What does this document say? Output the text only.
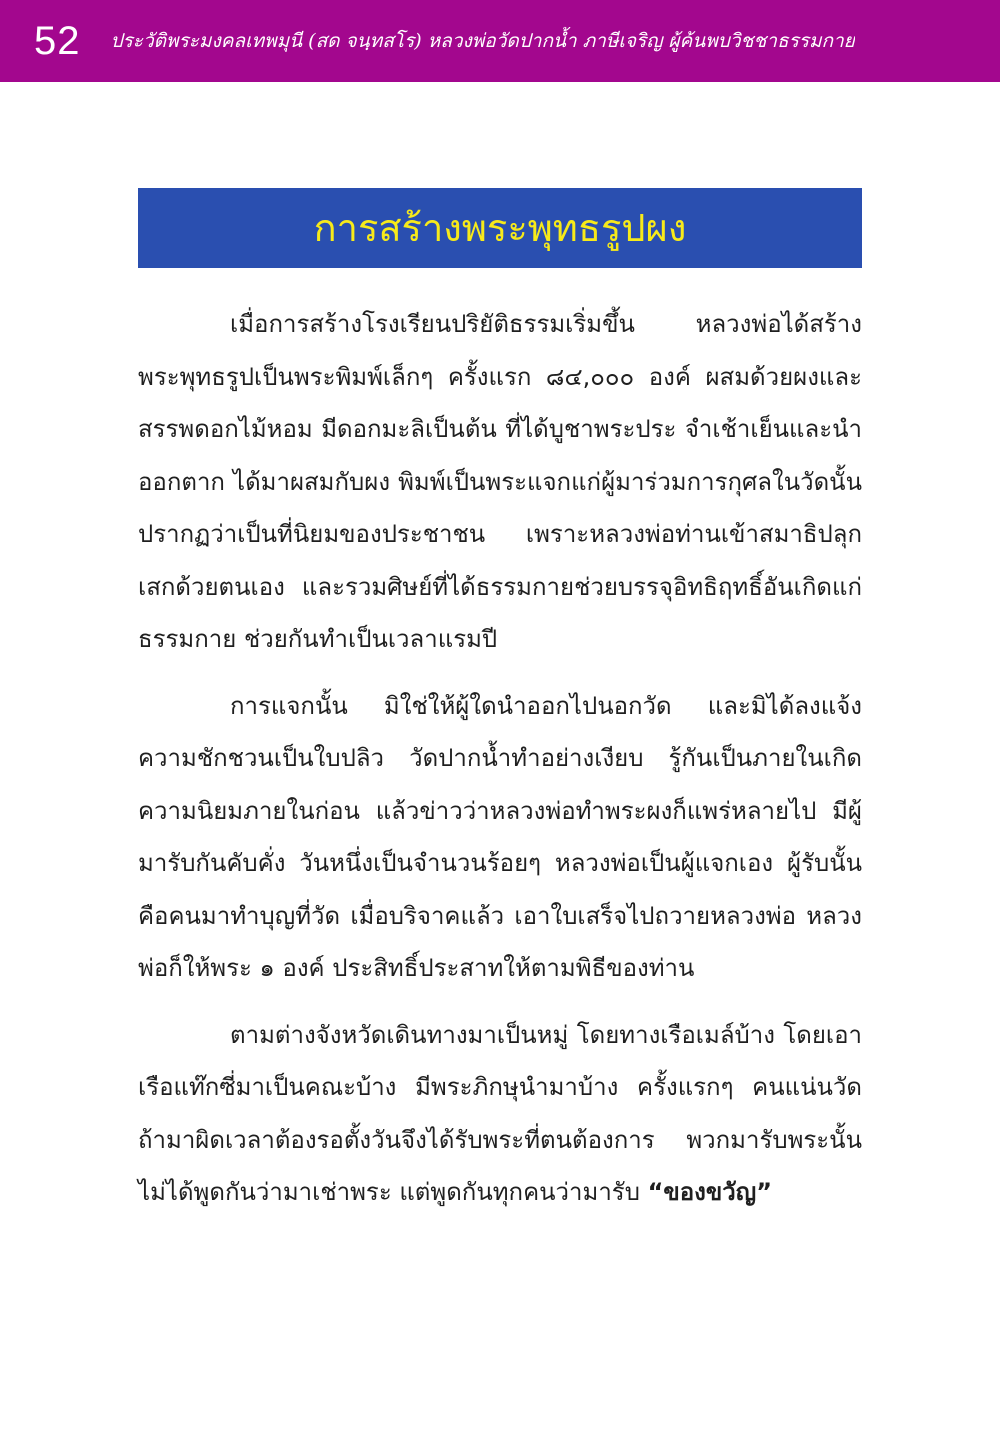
52 ประวัติพระมงคลเทพมุนี (สด จนฺทสโร) หลวงพ่อวัดปากน้ำ ภาษีเจริญ ผู้ค้นพบวิชชาธรรมกาย
การสร้างพระพุทธรูปผง

เมื่อการสร้างโรงเรียนปริยัติธรรมเริ่มขึ้น หลวงพ่อได้สร้างพระพุทธรูปเป็นพระพิมพ์เล็กๆ ครั้งแรก ๘๔,๐๐๐ องค์ ผสมด้วยผงและสรรพดอกไม้หอม มีดอกมะลิเป็นต้น ที่ได้บูชาพระประ จำเช้าเย็นและนำออกตาก ได้มาผสมกับผง พิมพ์เป็นพระแจกแก่ผู้มาร่วมการกุศลในวัดนั้น ปรากฏว่าเป็นที่นิยมของประชาชน เพราะหลวงพ่อท่านเข้าสมาธิปลุกเสกด้วยตนเอง และรวมศิษย์ที่ได้ธรรมกายช่วยบรรจุอิทธิฤทธิ์อันเกิดแก่ธรรมกาย ช่วยกันทำเป็นเวลาแรมปี

การแจกนั้น มิใช่ให้ผู้ใดนำออกไปนอกวัด และมิได้ลงแจ้งความชักชวนเป็นใบปลิว วัดปากน้ำทำอย่างเงียบ รู้กันเป็นภายในเกิดความนิยมภายในก่อน แล้วข่าวว่าหลวงพ่อทำพระผงก็แพร่หลายไป มีผู้มารับกันคับคั่ง วันหนึ่งเป็นจำนวนร้อยๆ หลวงพ่อเป็นผู้แจกเอง ผู้รับนั้นคือคนมาทำบุญที่วัด เมื่อบริจาคแล้ว เอาใบเสร็จไปถวายหลวงพ่อ หลวงพ่อก็ให้พระ ๑ องค์ ประสิทธิ์ประสาทให้ตามพิธีของท่าน

ตามต่างจังหวัดเดินทางมาเป็นหมู่ โดยทางเรือเมล์บ้าง โดยเอาเรือแท๊กซี่มาเป็นคณะบ้าง มีพระภิกษุนำมาบ้าง ครั้งแรกๆ คนแน่นวัด ถ้ามาผิดเวลาต้องรอตั้งวันจึงได้รับพระที่ตนต้องการ พวกมารับพระนั้นไม่ได้พูดกันว่ามาเช่าพระ แต่พูดกันทุกคนว่ามารับ “ของขวัญ”
